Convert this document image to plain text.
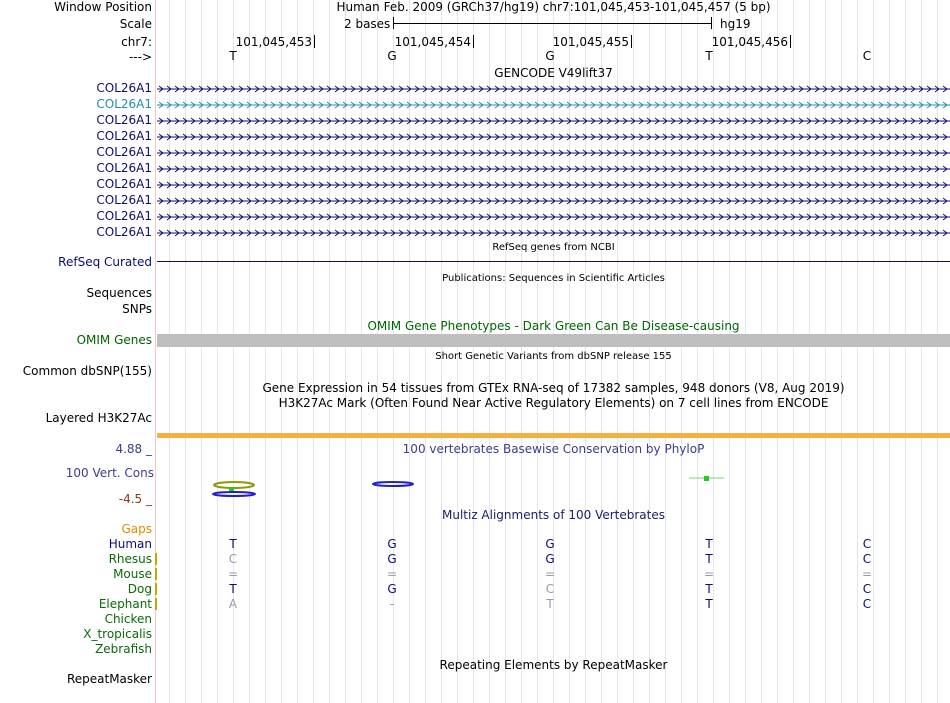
Window Position	Human Feb. 2009 (GRCh37/hg19) chr7:101,045,453-101,045,457 (5 bp)
Scale	2 bases	hg19
chr7:	101,045,453	101,045,454	101,045,455	101,045,456
--->	T	G	G	T	C
GENCODE V49lift37
COL26A1
COL26A1
COL26A1
COL26A1
COL26A1
COL26A1
COL26A1
COL26A1
COL26A1
COL26A1
RefSeq genes from NCBI
RefSeq Curated
Publications: Sequences in Scientific Articles
Sequences
SNPs
OMIM Gene Phenotypes - Dark Green Can Be Disease-causing
OMIM Genes
Short Genetic Variants from dbSNP release 155
Common dbSNP(155)
Gene Expression in 54 tissues from GTEx RNA-seq of 17382 samples, 948 donors (V8, Aug 2019)
H3K27Ac Mark (Often Found Near Active Regulatory Elements) on 7 cell lines from ENCODE
Layered H3K27Ac
100 vertebrates Basewise Conservation by PhyloP
4.88 _
100 Vert. Cons
-4.5 _
Multiz Alignments of 100 Vertebrates
Gaps
Human	T	G	G	T	C
Rhesus	C	G	G	T	C
Mouse	=	=	=	=	=
Dog	T	G	C	T	C
Elephant	A	-	T	T	C
Chicken
X_tropicalis
Zebrafish
Repeating Elements by RepeatMasker
RepeatMasker
